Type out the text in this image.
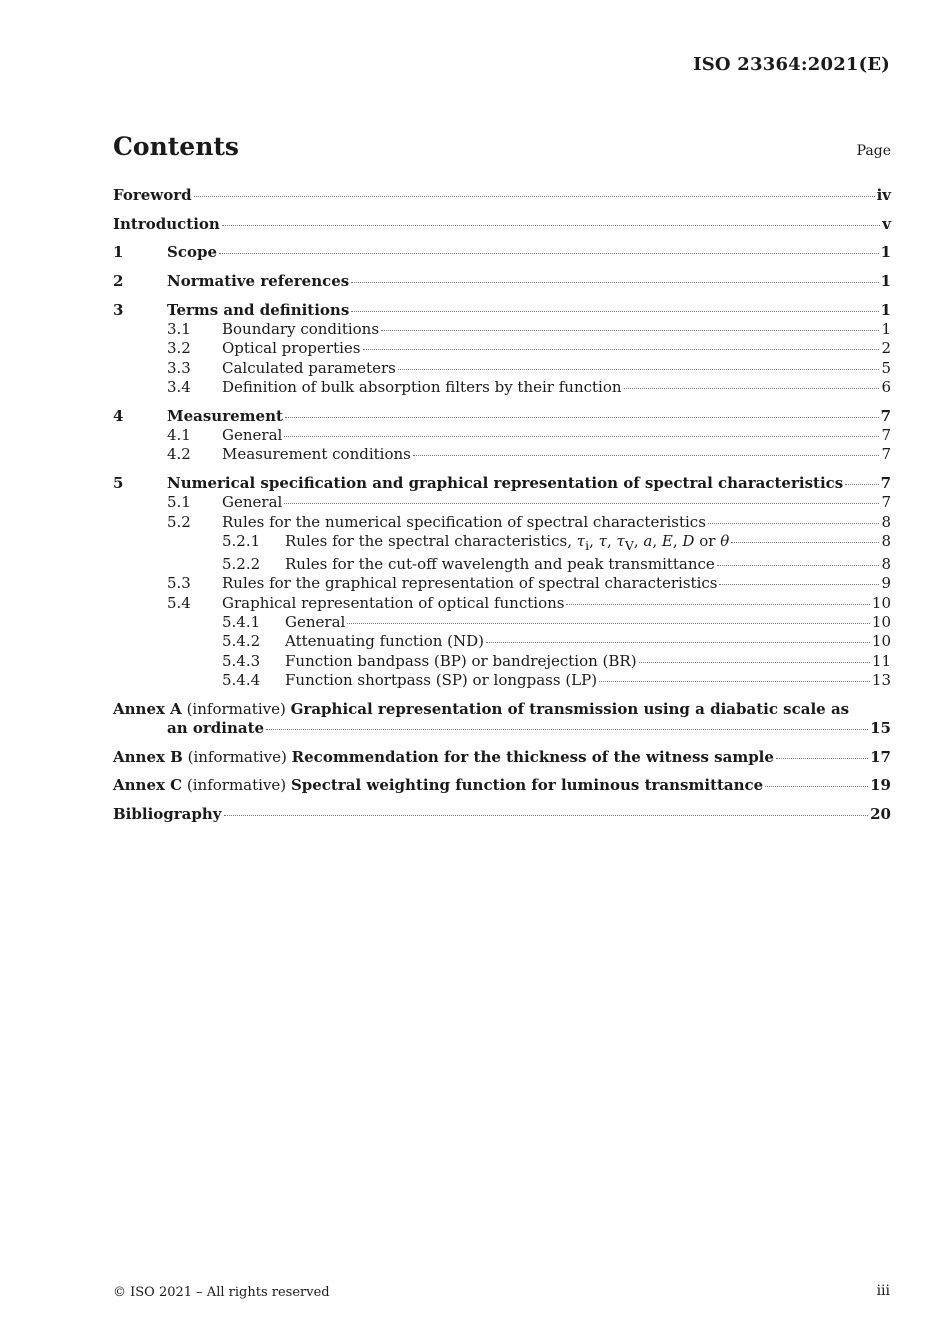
ISO 23364:2021(E)
Contents	Page
Foreword	iv
Introduction	v
1	Scope	1
2	Normative references	1
3	Terms and definitions	1
3.1	Boundary conditions	1
3.2	Optical properties	2
3.3	Calculated parameters	5
3.4	Definition of bulk absorption filters by their function	6
4	Measurement	7
4.1	General	7
4.2	Measurement conditions	7
5	Numerical specification and graphical representation of spectral characteristics 7
5.1	General	7
5.2	Rules for the numerical specification of spectral characteristics	8
5.2.1	Rules for the spectral characteristics, $\tau_i$, τ, $\tau_V$, a, E, D or θ	8
5.2.2	Rules for the cut-off wavelength and peak transmittance	8
5.3	Rules for the graphical representation of spectral characteristics	9
5.4	Graphical representation of optical functions	10
5.4.1	General	10
5.4.2	Attenuating function (ND)	10
5.4.3	Function bandpass (BP) or bandrejection (BR)	11
5.4.4	Function shortpass (SP) or longpass (LP)	13
Annex A (informative) Graphical representation of transmission using a diabatic scale as
an ordinate	15
Annex B (informative) Recommendation for the thickness of the witness sample	17
Annex C (informative) Spectral weighting function for luminous transmittance	19
Bibliography	20
© ISO 2021 – All rights reserved	iii
